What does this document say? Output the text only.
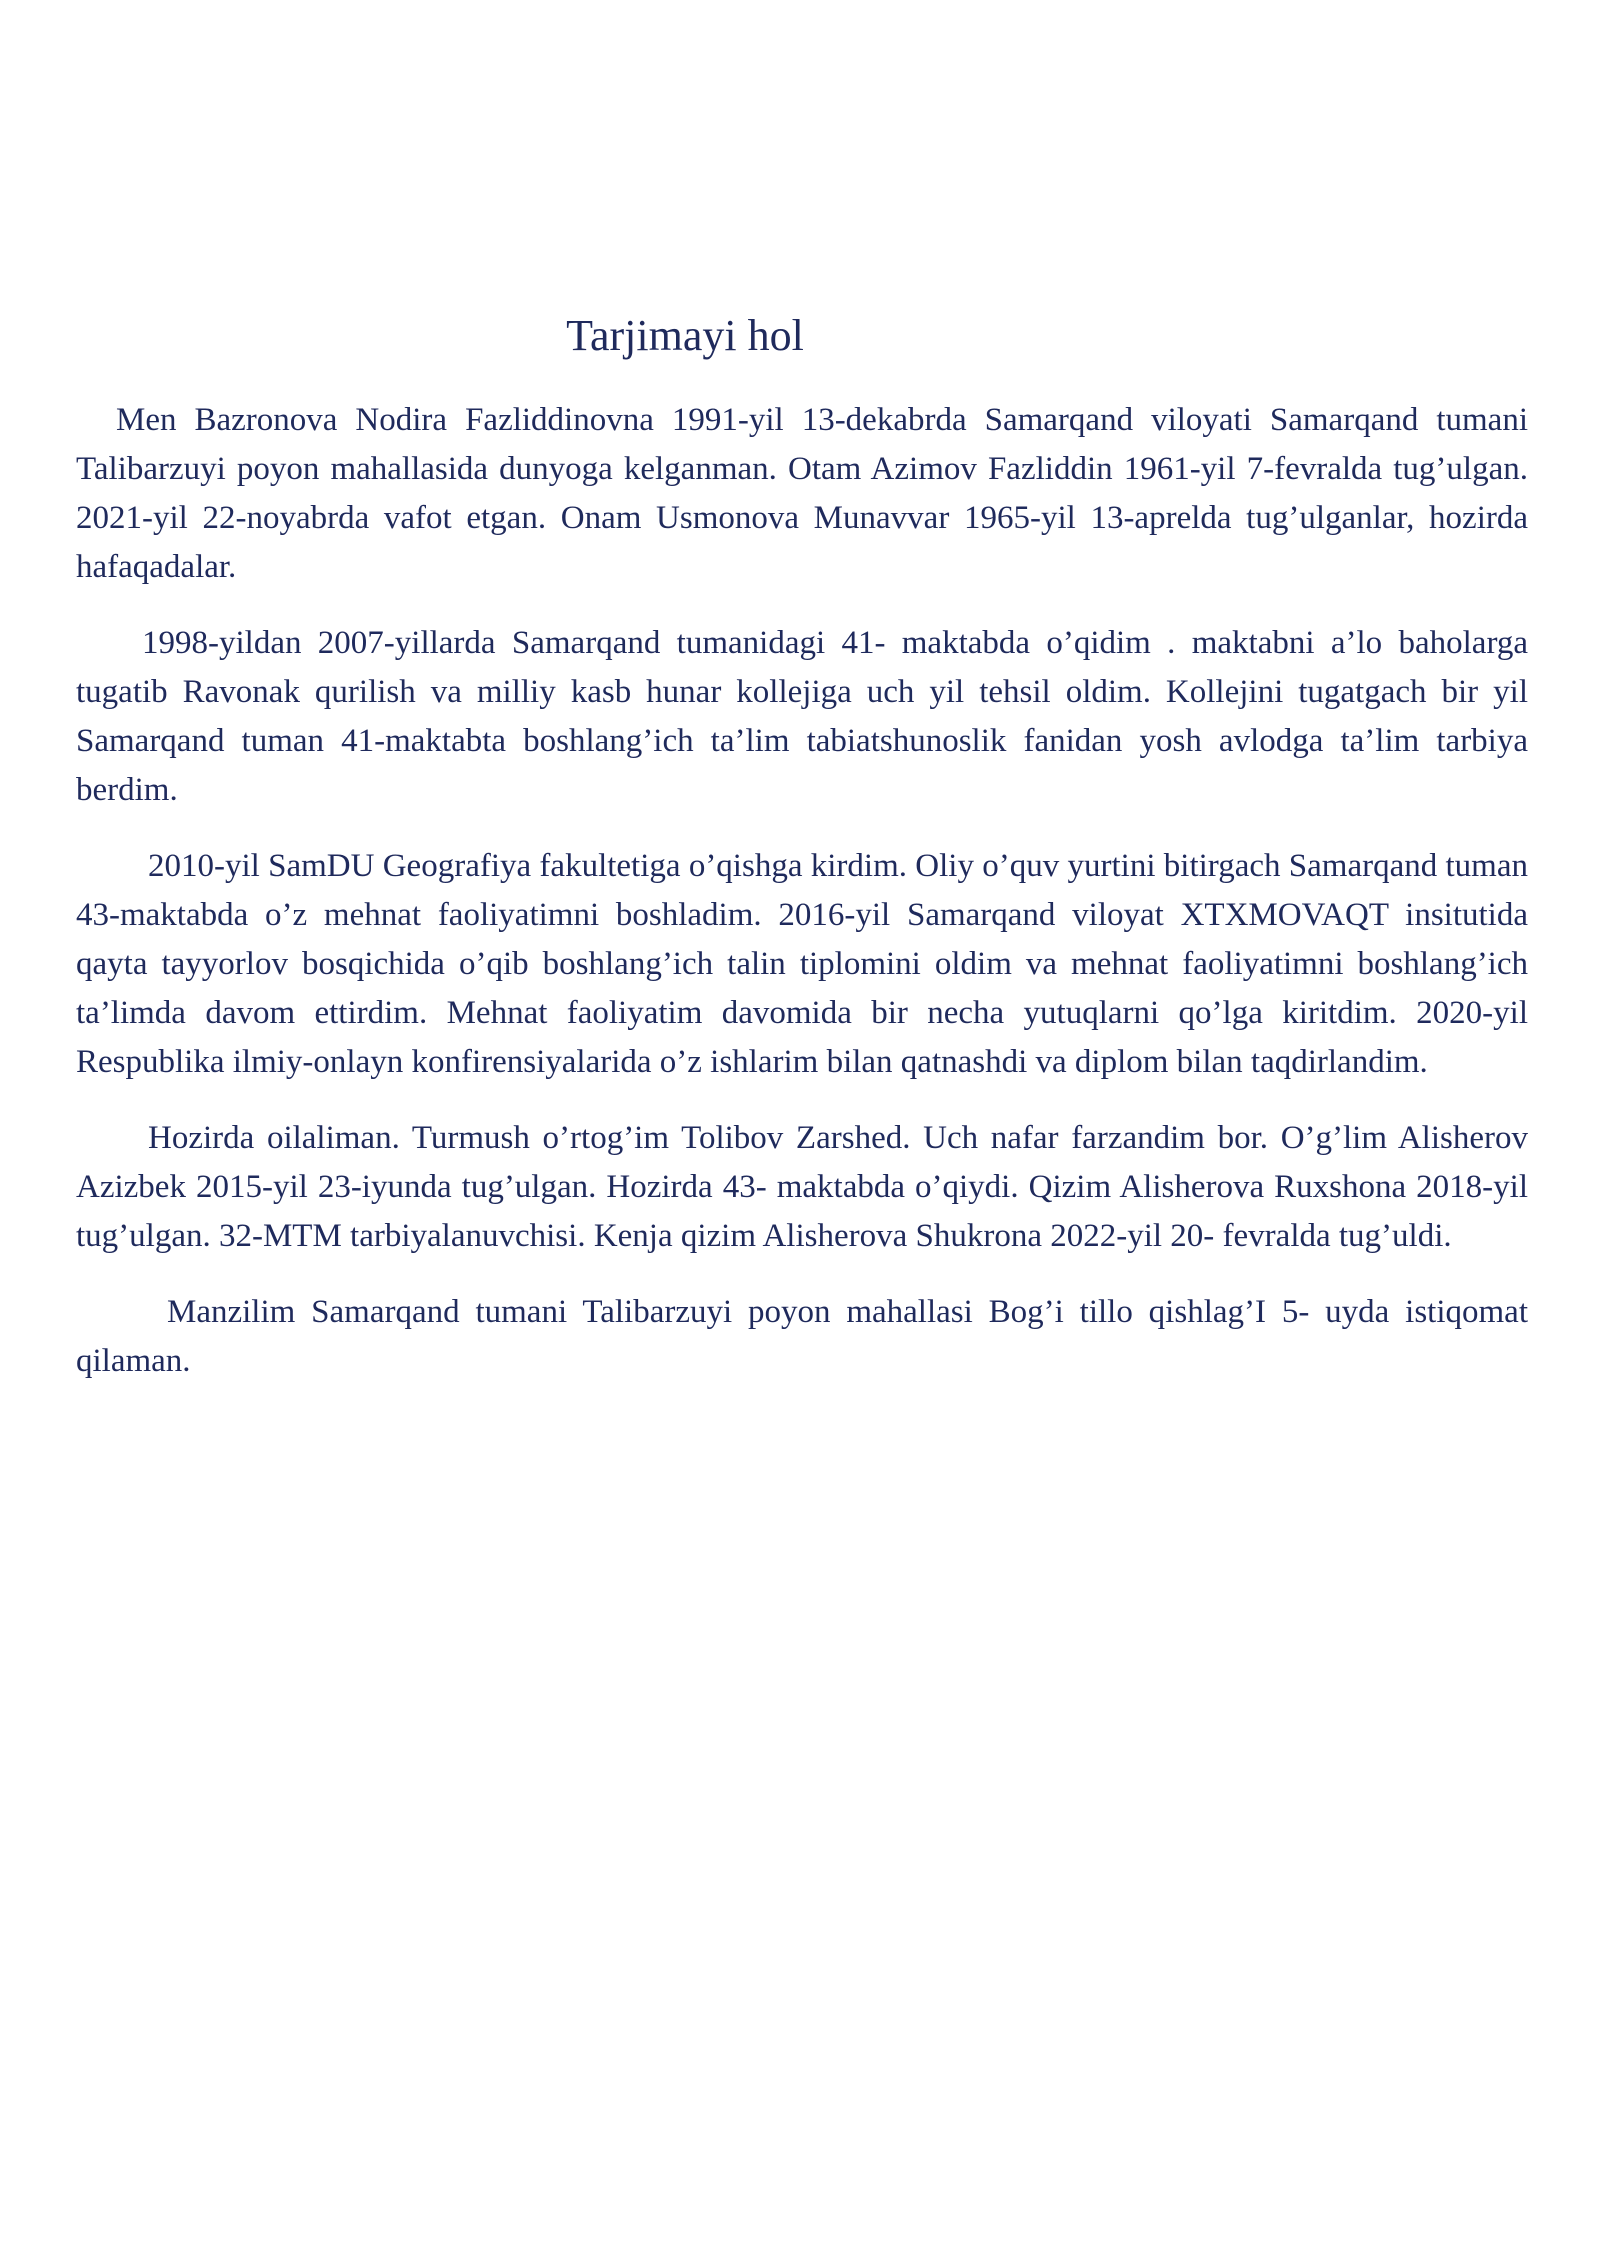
Tarjimayi hol

Men Bazronova Nodira Fazliddinovna 1991-yil 13-dekabrda Samarqand viloyati Samarqand tumani Talibarzuyi poyon mahallasida dunyoga kelganman. Otam Azimov Fazliddin 1961-yil 7-fevralda tug’ulgan. 2021-yil 22-noyabrda vafot etgan. Onam Usmonova Munavvar 1965-yil 13-aprelda tug’ulganlar, hozirda hafaqadalar.

1998-yildan 2007-yillarda Samarqand tumanidagi 41- maktabda o’qidim . maktabni a’lo baholarga tugatib Ravonak qurilish va milliy kasb hunar kollejiga uch yil tehsil oldim. Kollejini tugatgach bir yil Samarqand tuman 41-maktabta boshlang’ich ta’lim tabiatshunoslik fanidan yosh avlodga ta’lim tarbiya berdim.

2010-yil SamDU Geografiya fakultetiga o’qishga kirdim. Oliy o’quv yurtini bitirgach Samarqand tuman 43-maktabda o’z mehnat faoliyatimni boshladim. 2016-yil Samarqand viloyat XTXMOVAQT insitutida qayta tayyorlov bosqichida o’qib boshlang’ich talin tiplomini oldim va mehnat faoliyatimni boshlang’ich ta’limda davom ettirdim. Mehnat faoliyatim davomida bir necha yutuqlarni qo’lga kiritdim. 2020-yil Respublika ilmiy-onlayn konfirensiyalarida o’z ishlarim bilan qatnashdi va diplom bilan taqdirlandim.

Hozirda oilaliman. Turmush o’rtog’im Tolibov Zarshed. Uch nafar farzandim bor. O’g’lim Alisherov Azizbek 2015-yil 23-iyunda tug’ulgan. Hozirda 43- maktabda o’qiydi. Qizim Alisherova Ruxshona 2018-yil tug’ulgan. 32-MTM tarbiyalanuvchisi. Kenja qizim Alisherova Shukrona 2022-yil 20- fevralda tug’uldi.

Manzilim Samarqand tumani Talibarzuyi poyon mahallasi Bog’i tillo qishlag’I 5- uyda istiqomat qilaman.
